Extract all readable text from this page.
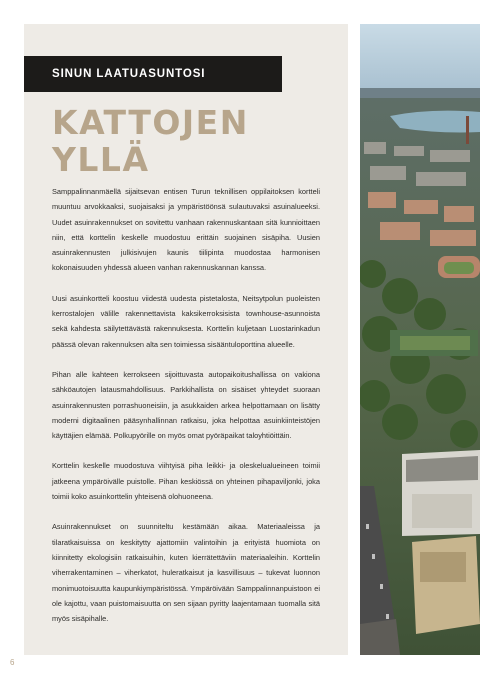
SINUN LAATUASUNTOSI
KATTOJEN
YLLÄ

Samppalinnanmäellä sijaitsevan entisen Turun teknillisen oppilaitoksen kortteli muuntuu arvokkaaksi, suojaisaksi ja ympäristöönsä sulautuvaksi asuinalueeksi. Uudet asuinrakennukset on sovitettu vanhaan rakennuskantaan sitä kunnioittaen niin, että korttelin keskelle muodostuu erittäin suojainen sisäpiha. Uusien asuinrakennusten julkisivujen kaunis tiilipinta muodostaa harmonisen kokonaisuuden yhdessä alueen vanhan rakennuskannan kanssa.

Uusi asuinkortteli koostuu viidestä uudesta pistetalosta, Neitsytpolun puoleisten kerrostalojen välille rakennettavista kaksikerroksisista townhouse-asunnoista sekä kahdesta säilytettävästä rakennuksesta. Korttelin kuljetaan Luostarinkadun päässä olevan rakennuksen alta sen toimiessa sisääntuloporttina alueelle.

Pihan alle kahteen kerrokseen sijoittuvasta autopaikoitushallissa on vakiona sähköautojen latausmahdollisuus. Parkkihallista on sisäiset yhteydet suoraan asuinrakennusten porrashuoneisiin, ja asukkaiden arkea helpottamaan on lisätty moderni digitaalinen pääsynhallinnan ratkaisu, joka helpottaa asuinkiinteistöjen käyttäjien elämää. Polkupyörille on myös omat pyöräpaikat taloyhtiöittäin.

Korttelin keskelle muodostuva viihtyisä piha leikki- ja oleskelualueineen toimii jatkeena ympäröivälle puistolle. Pihan keskiössä on yhteinen pihapaviljonki, joka toimii koko asuinkorttelin yhteisenä olohuoneena.

Asuinrakennukset on suunniteltu kestämään aikaa. Materiaaleissa ja tilaratkaisuissa on keskitytty ajattomiin valintoihin ja erityistä huomiota on kiinnitetty ekologisiin ratkaisuihin, kuten kierrätettäviin materiaaleihin. Korttelin viherrakentaminen – viherkatot, huleratkaisut ja kasvillisuus – tukevat luonnon monimuotoisuutta kaupunkiympäristössä. Ympäröivään Samppalinnanpuistoon ei ole kajottu, vaan puistomaisuutta on sen sijaan pyritty laajentamaan tuomalla sitä myös sisäpihalle.

6
